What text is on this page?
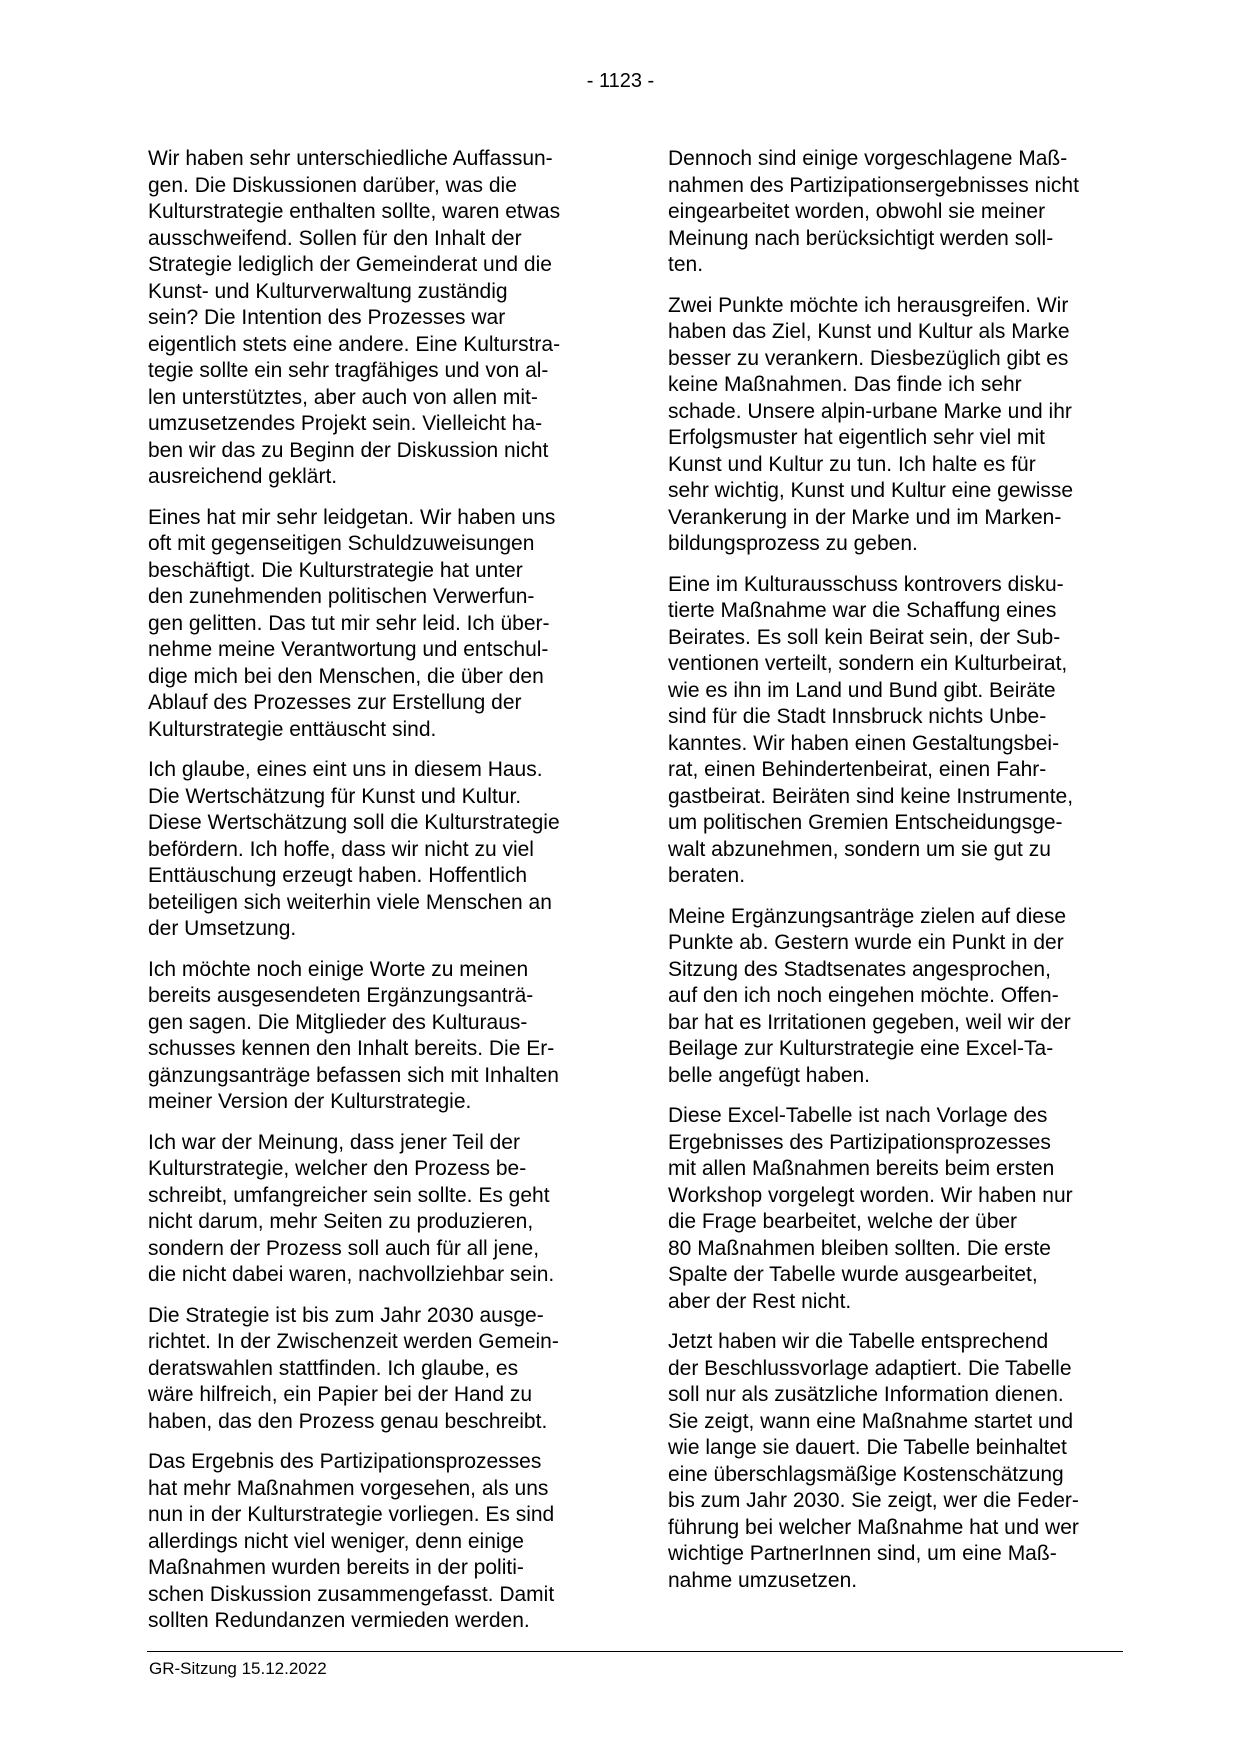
- 1123 -

Wir haben sehr unterschiedliche Auffassun-
gen. Die Diskussionen darüber, was die
Kulturstrategie enthalten sollte, waren etwas
ausschweifend. Sollen für den Inhalt der
Strategie lediglich der Gemeinderat und die
Kunst- und Kulturverwaltung zuständig
sein? Die Intention des Prozesses war
eigentlich stets eine andere. Eine Kulturstra-
tegie sollte ein sehr tragfähiges und von al-
len unterstütztes, aber auch von allen mit-
umzusetzendes Projekt sein. Vielleicht ha-
ben wir das zu Beginn der Diskussion nicht
ausreichend geklärt.

Eines hat mir sehr leidgetan. Wir haben uns
oft mit gegenseitigen Schuldzuweisungen
beschäftigt. Die Kulturstrategie hat unter
den zunehmenden politischen Verwerfun-
gen gelitten. Das tut mir sehr leid. Ich über-
nehme meine Verantwortung und entschul-
dige mich bei den Menschen, die über den
Ablauf des Prozesses zur Erstellung der
Kulturstrategie enttäuscht sind.

Ich glaube, eines eint uns in diesem Haus.
Die Wertschätzung für Kunst und Kultur.
Diese Wertschätzung soll die Kulturstrategie
befördern. Ich hoffe, dass wir nicht zu viel
Enttäuschung erzeugt haben. Hoffentlich
beteiligen sich weiterhin viele Menschen an
der Umsetzung.

Ich möchte noch einige Worte zu meinen
bereits ausgesendeten Ergänzungsanträ-
gen sagen. Die Mitglieder des Kulturaus-
schusses kennen den Inhalt bereits. Die Er-
gänzungsanträge befassen sich mit Inhalten
meiner Version der Kulturstrategie.

Ich war der Meinung, dass jener Teil der
Kulturstrategie, welcher den Prozess be-
schreibt, umfangreicher sein sollte. Es geht
nicht darum, mehr Seiten zu produzieren,
sondern der Prozess soll auch für all jene,
die nicht dabei waren, nachvollziehbar sein.

Die Strategie ist bis zum Jahr 2030 ausge-
richtet. In der Zwischenzeit werden Gemein-
deratswahlen stattfinden. Ich glaube, es
wäre hilfreich, ein Papier bei der Hand zu
haben, das den Prozess genau beschreibt.

Das Ergebnis des Partizipationsprozesses
hat mehr Maßnahmen vorgesehen, als uns
nun in der Kulturstrategie vorliegen. Es sind
allerdings nicht viel weniger, denn einige
Maßnahmen wurden bereits in der politi-
schen Diskussion zusammengefasst. Damit
sollten Redundanzen vermieden werden.

Dennoch sind einige vorgeschlagene Maß-
nahmen des Partizipationsergebnisses nicht
eingearbeitet worden, obwohl sie meiner
Meinung nach berücksichtigt werden soll-
ten.

Zwei Punkte möchte ich herausgreifen. Wir
haben das Ziel, Kunst und Kultur als Marke
besser zu verankern. Diesbezüglich gibt es
keine Maßnahmen. Das finde ich sehr
schade. Unsere alpin-urbane Marke und ihr
Erfolgsmuster hat eigentlich sehr viel mit
Kunst und Kultur zu tun. Ich halte es für
sehr wichtig, Kunst und Kultur eine gewisse
Verankerung in der Marke und im Marken-
bildungsprozess zu geben.

Eine im Kulturausschuss kontrovers disku-
tierte Maßnahme war die Schaffung eines
Beirates. Es soll kein Beirat sein, der Sub-
ventionen verteilt, sondern ein Kulturbeirat,
wie es ihn im Land und Bund gibt. Beiräte
sind für die Stadt Innsbruck nichts Unbe-
kanntes. Wir haben einen Gestaltungsbei-
rat, einen Behindertenbeirat, einen Fahr-
gastbeirat. Beiräten sind keine Instrumente,
um politischen Gremien Entscheidungsge-
walt abzunehmen, sondern um sie gut zu
beraten.

Meine Ergänzungsanträge zielen auf diese
Punkte ab. Gestern wurde ein Punkt in der
Sitzung des Stadtsenates angesprochen,
auf den ich noch eingehen möchte. Offen-
bar hat es Irritationen gegeben, weil wir der
Beilage zur Kulturstrategie eine Excel-Ta-
belle angefügt haben.

Diese Excel-Tabelle ist nach Vorlage des
Ergebnisses des Partizipationsprozesses
mit allen Maßnahmen bereits beim ersten
Workshop vorgelegt worden. Wir haben nur
die Frage bearbeitet, welche der über
80 Maßnahmen bleiben sollten. Die erste
Spalte der Tabelle wurde ausgearbeitet,
aber der Rest nicht.

Jetzt haben wir die Tabelle entsprechend
der Beschlussvorlage adaptiert. Die Tabelle
soll nur als zusätzliche Information dienen.
Sie zeigt, wann eine Maßnahme startet und
wie lange sie dauert. Die Tabelle beinhaltet
eine überschlagsmäßige Kostenschätzung
bis zum Jahr 2030. Sie zeigt, wer die Feder-
führung bei welcher Maßnahme hat und wer
wichtige PartnerInnen sind, um eine Maß-
nahme umzusetzen.

GR-Sitzung 15.12.2022
